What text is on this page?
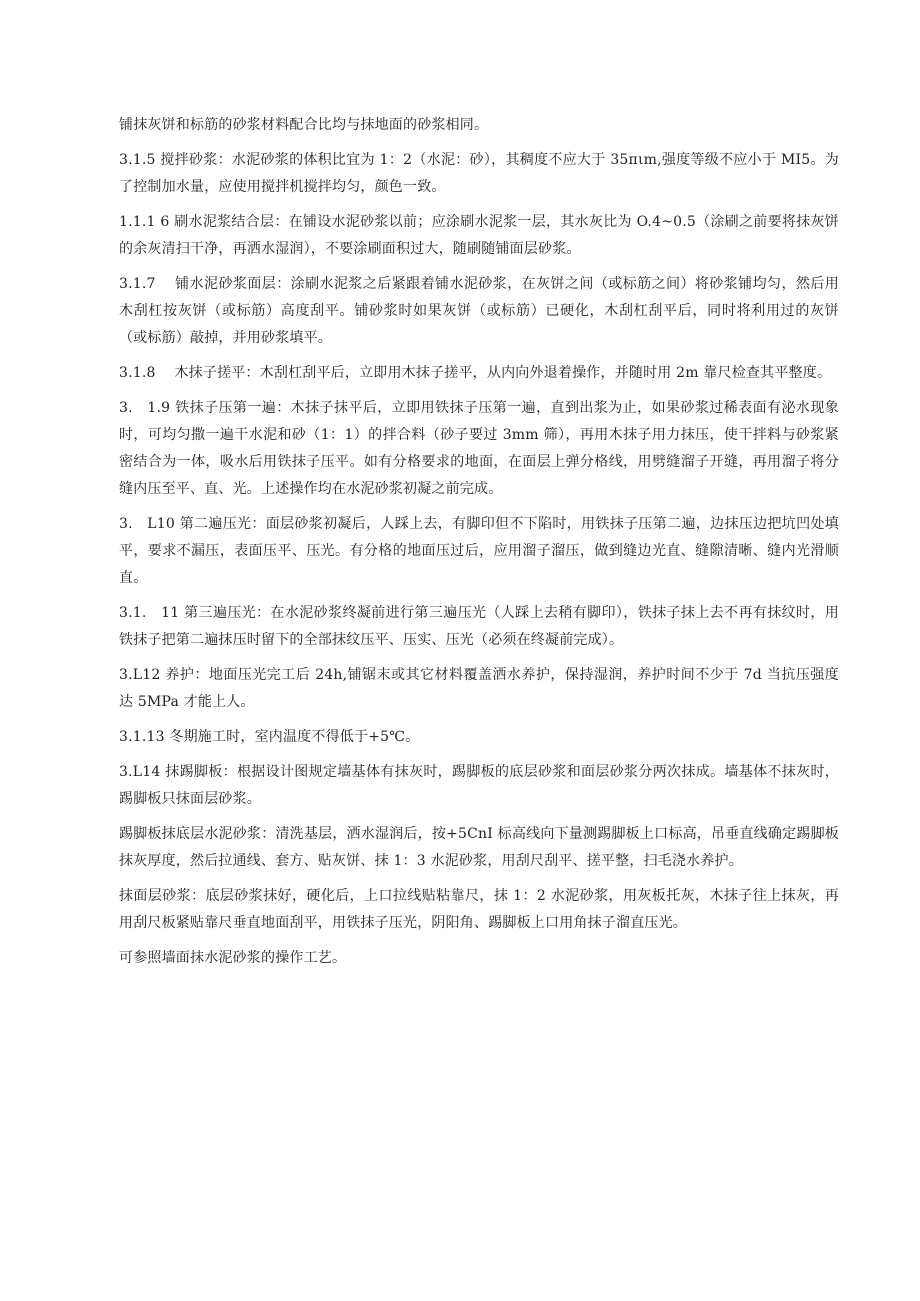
铺抹灰饼和标筋的砂浆材料配合比均与抹地面的砂浆相同。

3.1.5 搅拌砂浆：水泥砂浆的体积比宜为 1：2（水泥：砂），其稠度不应大于 35πιm,强度等级不应小于 MI5。为了控制加水量，应使用搅拌机搅拌均匀，颜色一致。

1.1.1 6 刷水泥浆结合层：在铺设水泥砂浆以前；应涂刷水泥浆一层，其水灰比为 O.4~0.5（涂刷之前要将抹灰饼的余灰清扫干净，再洒水湿润），不要涂刷面积过大，随刷随铺面层砂浆。

3.1.7　 铺水泥砂浆面层：涂刷水泥浆之后紧跟着铺水泥砂浆，在灰饼之间（或标筋之间）将砂浆铺均匀，然后用木刮杠按灰饼（或标筋）高度刮平。铺砂浆时如果灰饼（或标筋）已硬化，木刮杠刮平后，同时将利用过的灰饼（或标筋）敲掉，并用砂浆填平。

3.1.8　 木抹子搓平：木刮杠刮平后，立即用木抹子搓平，从内向外退着操作，并随时用 2m 靠尺检查其平整度。

3.　1.9 铁抹子压第一遍：木抹子抹平后，立即用铁抹子压第一遍，直到出浆为止，如果砂浆过稀表面有泌水现象时，可均匀撒一遍干水泥和砂（1：1）的拌合料（砂子要过 3mm 筛），再用木抹子用力抹压，使干拌料与砂浆紧密结合为一体，吸水后用铁抹子压平。如有分格要求的地面，在面层上弹分格线，用劈缝溜子开缝，再用溜子将分缝内压至平、直、光。上述操作均在水泥砂浆初凝之前完成。

3.　L10 第二遍压光：面层砂浆初凝后，人踩上去，有脚印但不下陷时，用铁抹子压第二遍，边抹压边把坑凹处填平，要求不漏压，表面压平、压光。有分格的地面压过后，应用溜子溜压，做到缝边光直、缝隙清晰、缝内光滑顺直。

3.1.　11 第三遍压光：在水泥砂浆终凝前进行第三遍压光（人踩上去稍有脚印），铁抹子抹上去不再有抹纹时，用铁抹子把第二遍抹压时留下的全部抹纹压平、压实、压光（必须在终凝前完成）。

3.L12 养护：地面压光完工后 24h,铺锯末或其它材料覆盖洒水养护，保持湿润，养护时间不少于 7d 当抗压强度达 5MPa 才能上人。

3.1.13 冬期施工时，室内温度不得低于+5℃。

3.L14 抹踢脚板：根据设计图规定墙基体有抹灰时，踢脚板的底层砂浆和面层砂浆分两次抹成。墙基体不抹灰时，踢脚板只抹面层砂浆。

踢脚板抹底层水泥砂浆：清洗基层，洒水湿润后，按+5CnI 标高线向下量测踢脚板上口标高，吊垂直线确定踢脚板抹灰厚度，然后拉通线、套方、贴灰饼、抹 1：3 水泥砂浆，用刮尺刮平、搓平整，扫毛浇水养护。

抹面层砂浆：底层砂浆抹好，硬化后，上口拉线贴粘靠尺，抹 1：2 水泥砂浆，用灰板托灰，木抹子往上抹灰，再用刮尺板紧贴靠尺垂直地面刮平，用铁抹子压光，阴阳角、踢脚板上口用角抹子溜直压光。

可参照墙面抹水泥砂浆的操作工艺。
